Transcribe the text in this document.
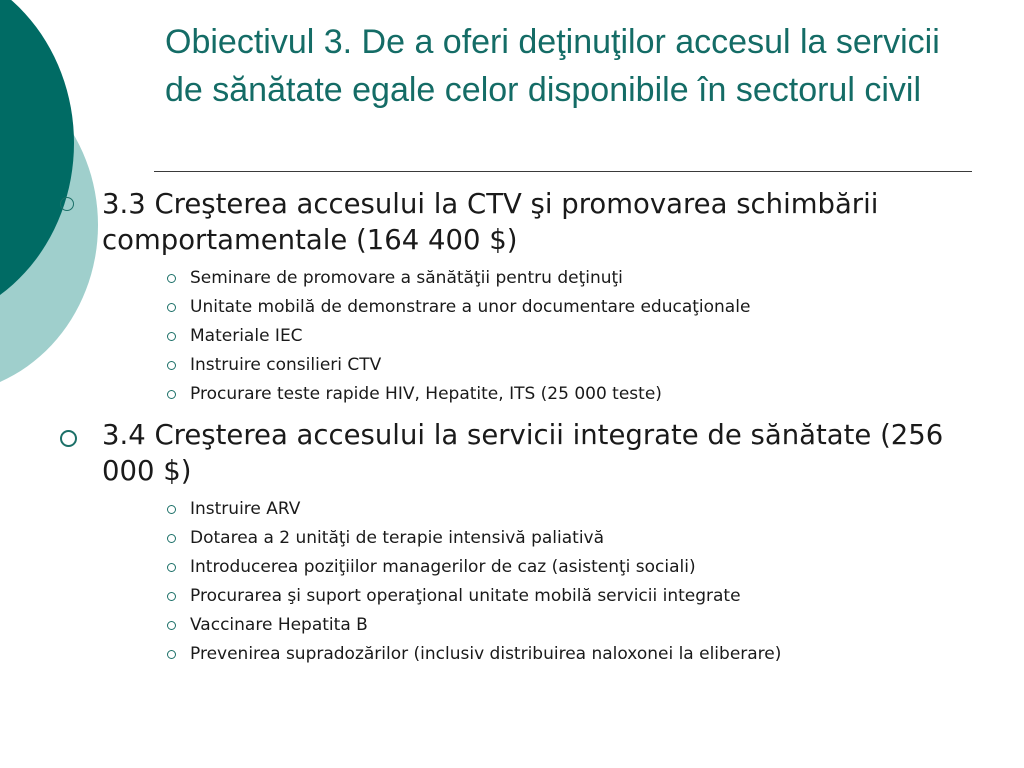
Obiectivul 3. De a oferi deţinuţilor accesul la servicii de sănătate egale celor disponibile în sectorul civil
3.3 Creşterea accesului la CTV şi promovarea schimbării comportamentale (164 400 $)
Seminare de promovare a sănătăţii pentru deţinuţi
Unitate mobilă de demonstrare a unor documentare educaţionale
Materiale IEC
Instruire consilieri CTV
Procurare teste rapide HIV, Hepatite, ITS (25 000 teste)
3.4 Creşterea accesului la servicii integrate de sănătate (256 000 $)
Instruire ARV
Dotarea a 2 unităţi de terapie intensivă paliativă
Introducerea poziţiilor managerilor de caz (asistenţi sociali)
Procurarea şi suport operaţional unitate mobilă servicii integrate
Vaccinare Hepatita B
Prevenirea supradozărilor (inclusiv distribuirea naloxonei la eliberare)
